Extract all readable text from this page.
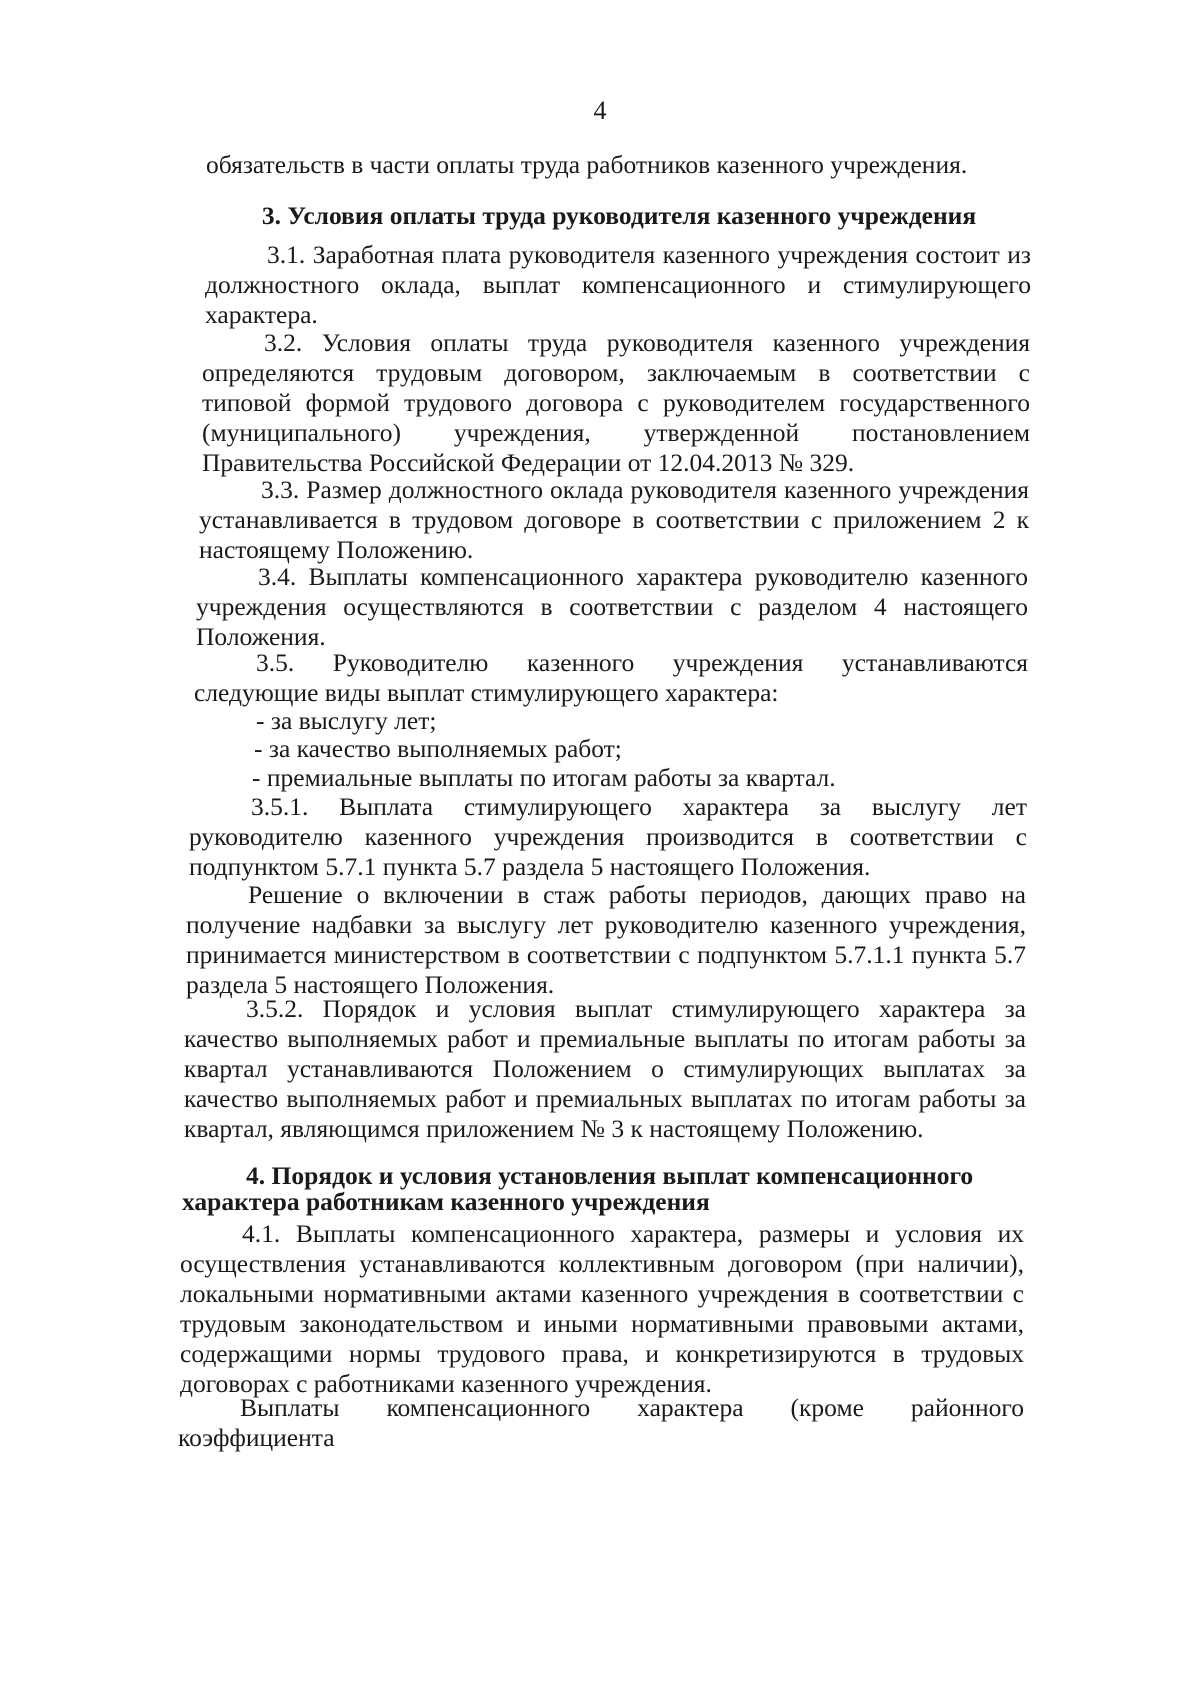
4

обязательств в части оплаты труда работников казенного учреждения.

3. Условия оплаты труда руководителя казенного учреждения

3.1. Заработная плата руководителя казенного учреждения состоит из должностного оклада, выплат компенсационного и стимулирующего характера.

3.2. Условия оплаты труда руководителя казенного учреждения определяются трудовым договором, заключаемым в соответствии с типовой формой трудового договора с руководителем государственного (муниципального) учреждения, утвержденной постановлением Правительства Российской Федерации от 12.04.2013 № 329.

3.3. Размер должностного оклада руководителя казенного учреждения устанавливается в трудовом договоре в соответствии с приложением 2 к настоящему Положению.

3.4. Выплаты компенсационного характера руководителю казенного учреждения осуществляются в соответствии с разделом 4 настоящего Положения.

3.5. Руководителю казенного учреждения устанавливаются следующие виды выплат стимулирующего характера:

- за выслугу лет;

- за качество выполняемых работ;

- премиальные выплаты по итогам работы за квартал.

3.5.1. Выплата стимулирующего характера за выслугу лет руководителю казенного учреждения производится в соответствии с подпунктом 5.7.1 пункта 5.7 раздела 5 настоящего Положения.

Решение о включении в стаж работы периодов, дающих право на получение надбавки за выслугу лет руководителю казенного учреждения, принимается министерством в соответствии с подпунктом 5.7.1.1 пункта 5.7 раздела 5 настоящего Положения.

3.5.2. Порядок и условия выплат стимулирующего характера за качество выполняемых работ и премиальные выплаты по итогам работы за квартал устанавливаются Положением о стимулирующих выплатах за качество выполняемых работ и премиальных выплатах по итогам работы за квартал, являющимся приложением № 3 к настоящему Положению.

4. Порядок и условия установления выплат компенсационного
характера работникам казенного учреждения

4.1. Выплаты компенсационного характера, размеры и условия их осуществления устанавливаются коллективным договором (при наличии), локальными нормативными актами казенного учреждения в соответствии с трудовым законодательством и иными нормативными правовыми актами, содержащими нормы трудового права, и конкретизируются в трудовых договорах с работниками казенного учреждения.

Выплаты компенсационного характера (кроме районного коэффициента
